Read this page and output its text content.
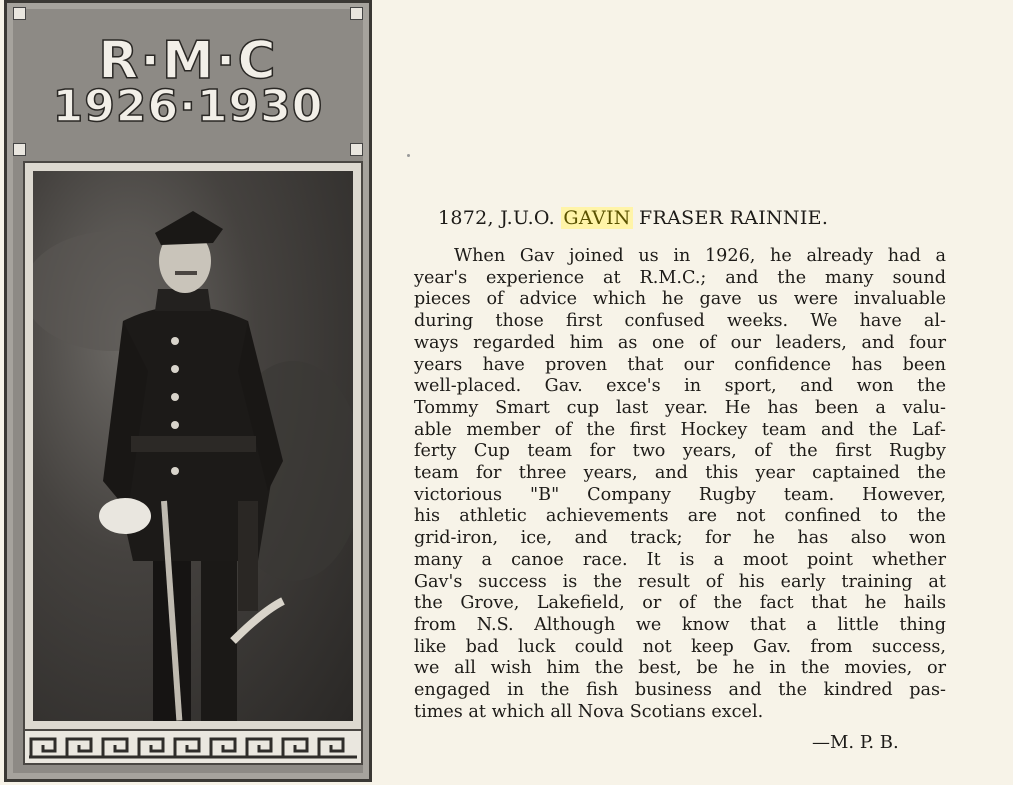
R·M·C
1926·1930
1872, J.U.O. GAVIN FRASER RAINNIE.
When Gav joined us in 1926, he already had a
year's experience at R.M.C.; and the many sound
pieces of advice which he gave us were invaluable
during those first confused weeks. We have al-
ways regarded him as one of our leaders, and four
years have proven that our confidence has been
well-placed. Gav. exce's in sport, and won the
Tommy Smart cup last year. He has been a valu-
able member of the first Hockey team and the Laf-
ferty Cup team for two years, of the first Rugby
team for three years, and this year captained the
victorious "B" Company Rugby team. However,
his athletic achievements are not confined to the
grid-iron, ice, and track; for he has also won
many a canoe race. It is a moot point whether
Gav's success is the result of his early training at
the Grove, Lakefield, or of the fact that he hails
from N.S. Although we know that a little thing
like bad luck could not keep Gav. from success,
we all wish him the best, be he in the movies, or
engaged in the fish business and the kindred pas-
times at which all Nova Scotians excel.
—M. P. B.
